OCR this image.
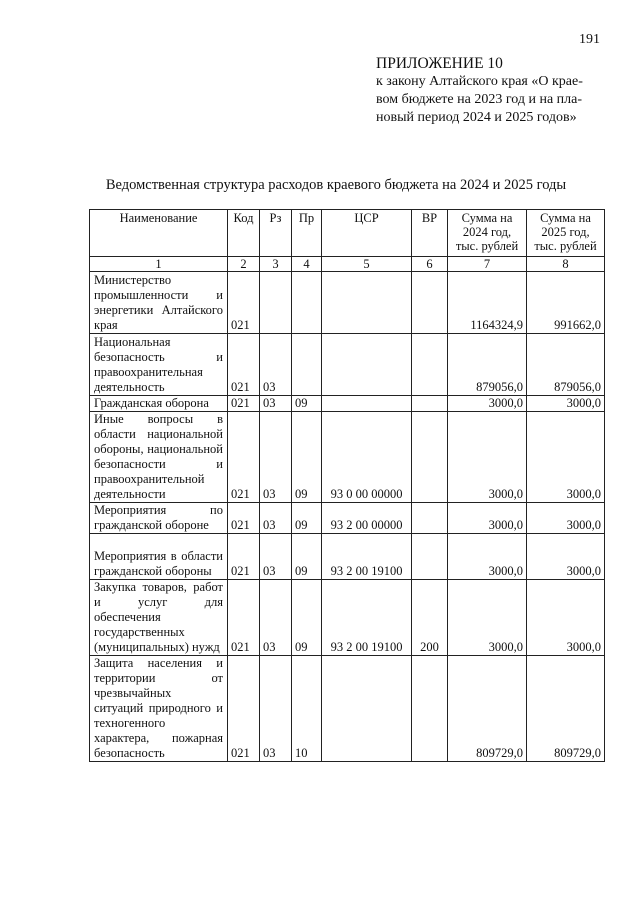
191
ПРИЛОЖЕНИЕ 10
к закону Алтайского края «О крае-
вом бюджете на 2023 год и на пла-
новый период 2024 и 2025 годов»
Ведомственная структура расходов краевого бюджета на 2024 и 2025 годы
Наименование	Код	Рз	Пр	ЦСР	ВР	Сумма на 2024 год, тыс. рублей	Сумма на 2025 год, тыс. рублей
1	2	3	4	5	6	7	8
Министерство промышленности и энергетики Алтайского края	021					1164324,9	991662,0
Национальная безопасность и правоохранительная деятельность	021	03				879056,0	879056,0
Гражданская оборона	021	03	09			3000,0	3000,0
Иные вопросы в области национальной обороны, национальной безопасности и правоохранительной деятельности	021	03	09	93 0 00 00000		3000,0	3000,0
Мероприятия по гражданской обороне	021	03	09	93 2 00 00000		3000,0	3000,0
Мероприятия в области гражданской обороны	021	03	09	93 2 00 19100		3000,0	3000,0
Закупка товаров, работ и услуг для обеспечения государственных (муниципальных) нужд	021	03	09	93 2 00 19100	200	3000,0	3000,0
Защита населения и территории от чрезвычайных ситуаций природного и техногенного характера, пожарная безопасность	021	03	10			809729,0	809729,0
